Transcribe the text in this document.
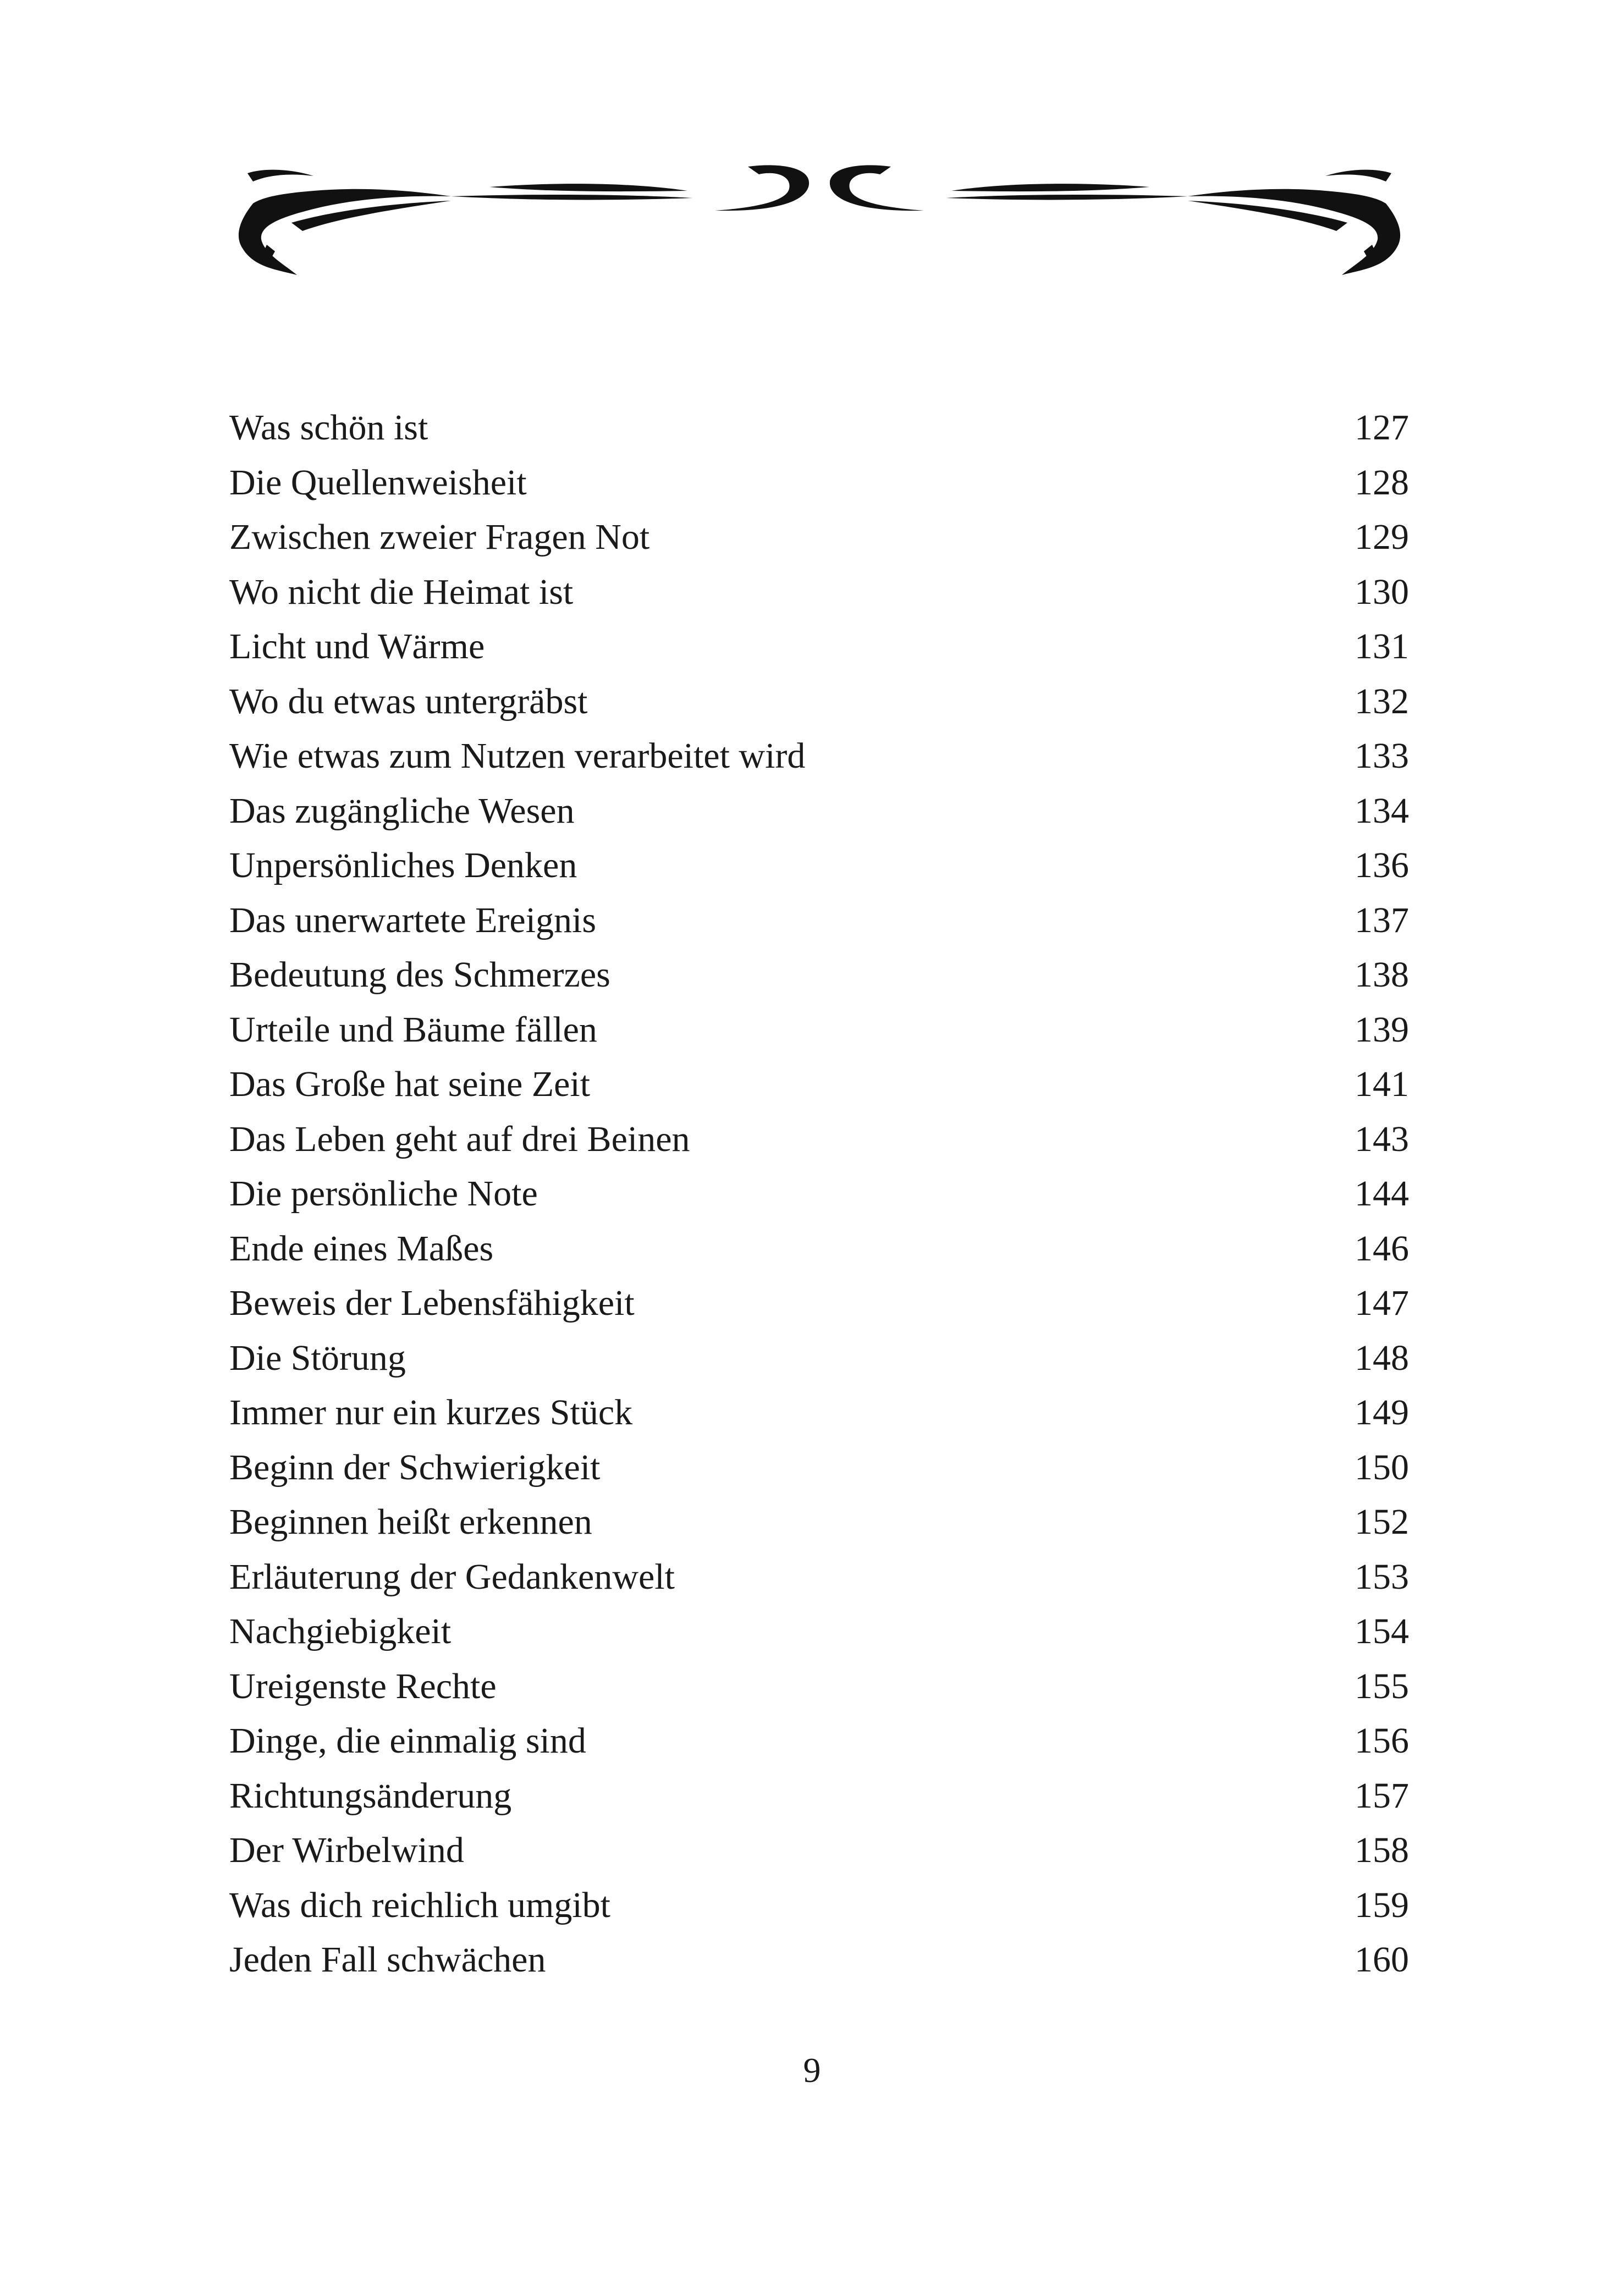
Was schön ist	127
Die Quellenweisheit	128
Zwischen zweier Fragen Not	129
Wo nicht die Heimat ist	130
Licht und Wärme	131
Wo du etwas untergräbst	132
Wie etwas zum Nutzen verarbeitet wird	133
Das zugängliche Wesen	134
Unpersönliches Denken	136
Das unerwartete Ereignis	137
Bedeutung des Schmerzes	138
Urteile und Bäume fällen	139
Das Große hat seine Zeit	141
Das Leben geht auf drei Beinen	143
Die persönliche Note	144
Ende eines Maßes	146
Beweis der Lebensfähigkeit	147
Die Störung	148
Immer nur ein kurzes Stück	149
Beginn der Schwierigkeit	150
Beginnen heißt erkennen	152
Erläuterung der Gedankenwelt	153
Nachgiebigkeit	154
Ureigenste Rechte	155
Dinge, die einmalig sind	156
Richtungsänderung	157
Der Wirbelwind	158
Was dich reichlich umgibt	159
Jeden Fall schwächen	160
9
